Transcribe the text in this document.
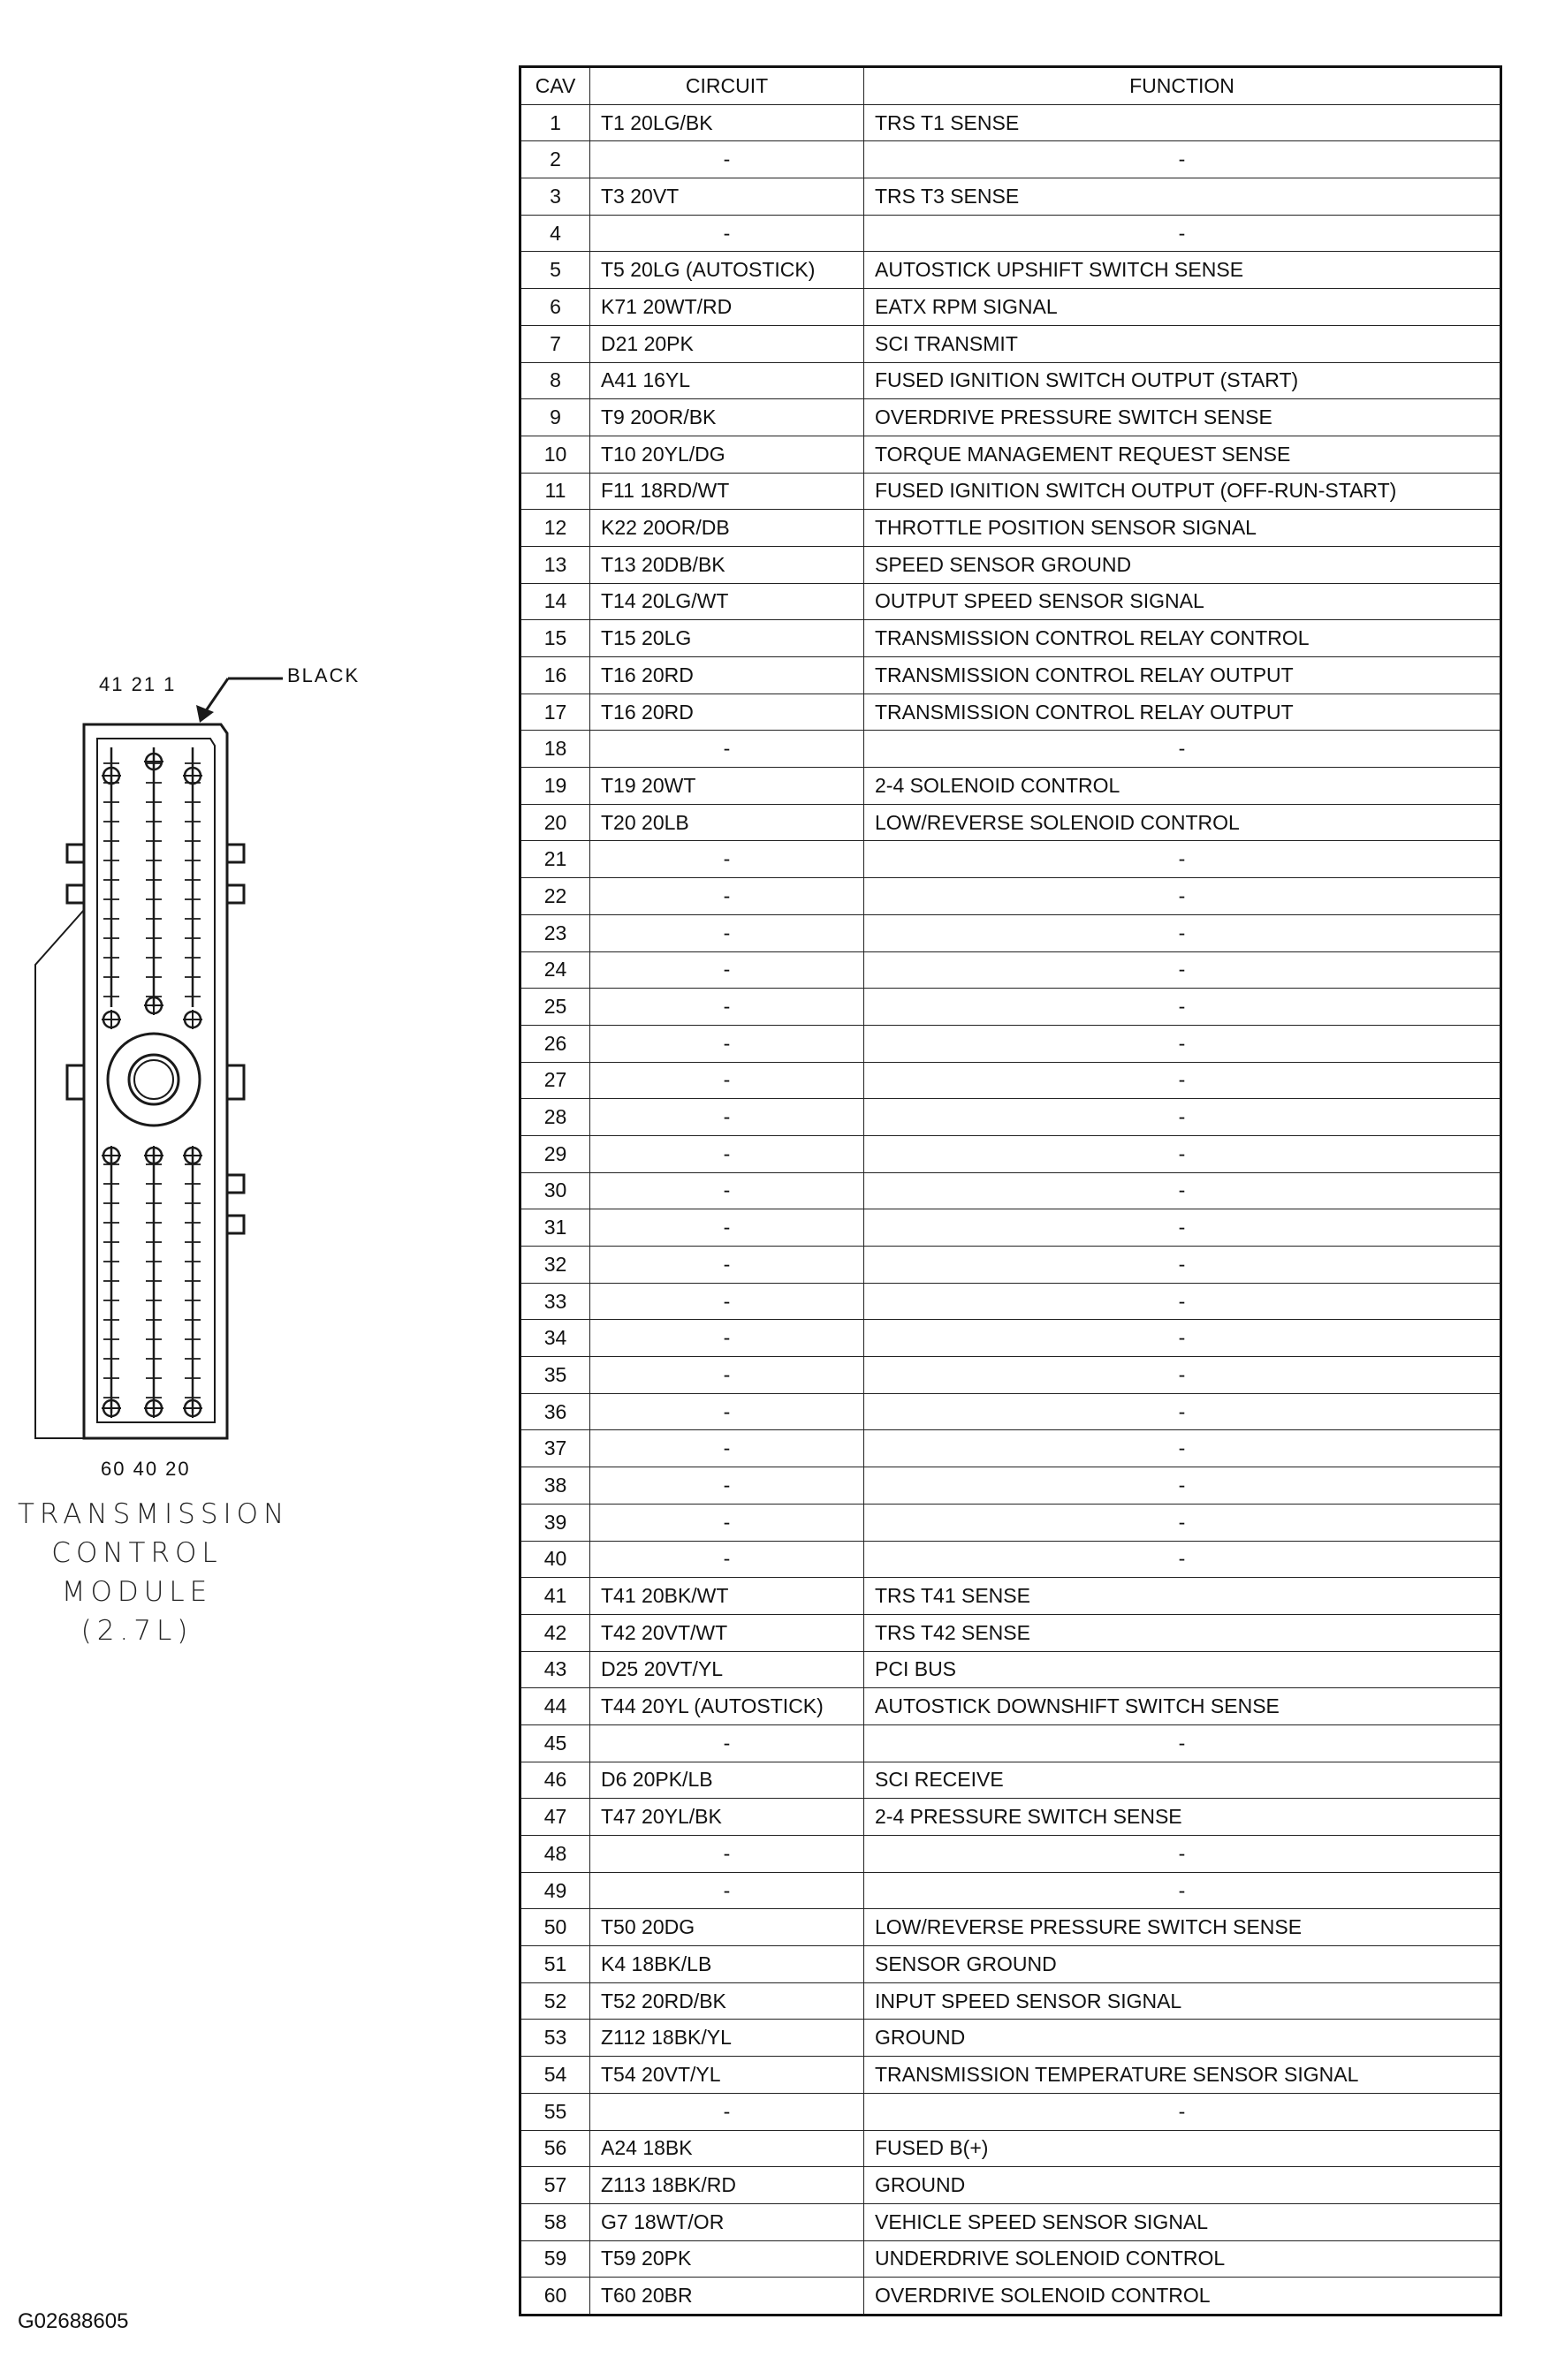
41 21 1	BLACK
60 40 20
TRANSMISSION
CONTROL
MODULE
(2.7L)
G02688605
CAV	CIRCUIT	FUNCTION
1	T1 20LG/BK	TRS T1 SENSE
2	-	-
3	T3 20VT	TRS T3 SENSE
4	-	-
5	T5 20LG (AUTOSTICK)	AUTOSTICK UPSHIFT SWITCH SENSE
6	K71 20WT/RD	EATX RPM SIGNAL
7	D21 20PK	SCI TRANSMIT
8	A41 16YL	FUSED IGNITION SWITCH OUTPUT (START)
9	T9 20OR/BK	OVERDRIVE PRESSURE SWITCH SENSE
10	T10 20YL/DG	TORQUE MANAGEMENT REQUEST SENSE
11	F11 18RD/WT	FUSED IGNITION SWITCH OUTPUT (OFF-RUN-START)
12	K22 20OR/DB	THROTTLE POSITION SENSOR SIGNAL
13	T13 20DB/BK	SPEED SENSOR GROUND
14	T14 20LG/WT	OUTPUT SPEED SENSOR SIGNAL
15	T15 20LG	TRANSMISSION CONTROL RELAY CONTROL
16	T16 20RD	TRANSMISSION CONTROL RELAY OUTPUT
17	T16 20RD	TRANSMISSION CONTROL RELAY OUTPUT
18	-	-
19	T19 20WT	2-4 SOLENOID CONTROL
20	T20 20LB	LOW/REVERSE SOLENOID CONTROL
21	-	-
22	-	-
23	-	-
24	-	-
25	-	-
26	-	-
27	-	-
28	-	-
29	-	-
30	-	-
31	-	-
32	-	-
33	-	-
34	-	-
35	-	-
36	-	-
37	-	-
38	-	-
39	-	-
40	-	-
41	T41 20BK/WT	TRS T41 SENSE
42	T42 20VT/WT	TRS T42 SENSE
43	D25 20VT/YL	PCI BUS
44	T44 20YL (AUTOSTICK)	AUTOSTICK DOWNSHIFT SWITCH SENSE
45	-	-
46	D6 20PK/LB	SCI RECEIVE
47	T47 20YL/BK	2-4 PRESSURE SWITCH SENSE
48	-	-
49	-	-
50	T50 20DG	LOW/REVERSE PRESSURE SWITCH SENSE
51	K4 18BK/LB	SENSOR GROUND
52	T52 20RD/BK	INPUT SPEED SENSOR SIGNAL
53	Z112 18BK/YL	GROUND
54	T54 20VT/YL	TRANSMISSION TEMPERATURE SENSOR SIGNAL
55	-	-
56	A24 18BK	FUSED B(+)
57	Z113 18BK/RD	GROUND
58	G7 18WT/OR	VEHICLE SPEED SENSOR SIGNAL
59	T59 20PK	UNDERDRIVE SOLENOID CONTROL
60	T60 20BR	OVERDRIVE SOLENOID CONTROL
